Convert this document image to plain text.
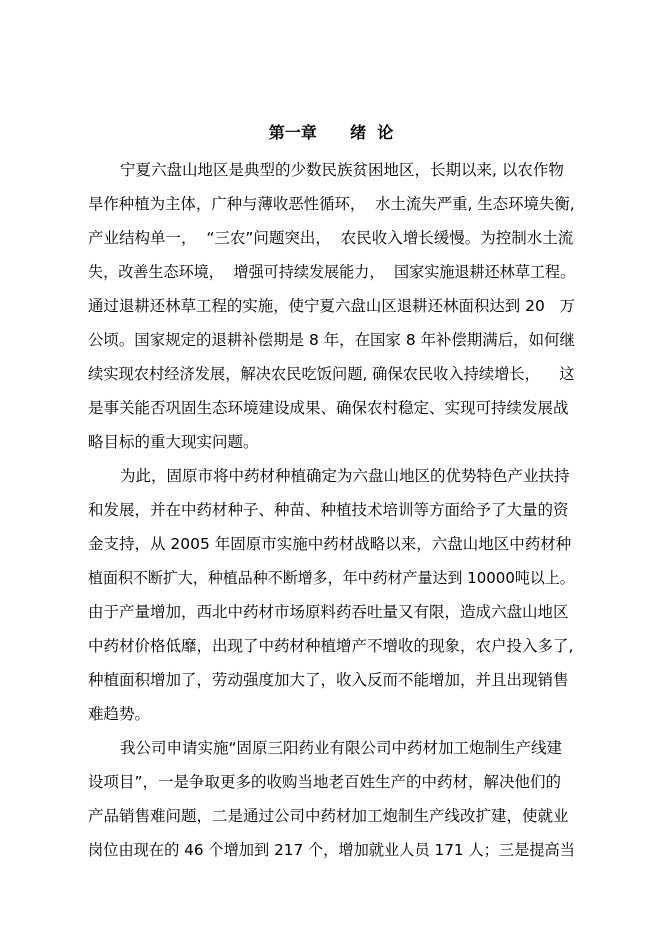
第一章      绪  论
宁夏六盘山地区是典型的少数民族贫困地区，长期以来, 以农作物
旱作种植为主体，广种与薄收恶性循环，  水土流失严重, 生态环境失衡,
产业结构单一，  “三农”问题突出，  农民收入增长缓慢。为控制水土流
失，改善生态环境，  增强可持续发展能力，  国家实施退耕还林草工程。
通过退耕还林草工程的实施，使宁夏六盘山区退耕还林面积达到 20   万
公顷。国家规定的退耕补偿期是 8 年，在国家 8 年补偿期满后，如何继
续实现农村经济发展，解决农民吃饭问题, 确保农民收入持续增长，    这
是事关能否巩固生态环境建设成果、确保农村稳定、实现可持续发展战
略目标的重大现实问题。
为此，固原市将中药材种植确定为六盘山地区的优势特色产业扶持
和发展，并在中药材种子、种苗、种植技术培训等方面给予了大量的资
金支持，从 2005 年固原市实施中药材战略以来，六盘山地区中药材种
植面积不断扩大，种植品种不断增多，年中药材产量达到 10000吨以上。
由于产量增加，西北中药材市场原料药吞吐量又有限，造成六盘山地区
中药材价格低靡，出现了中药材种植增产不增收的现象，农户投入多了,
种植面积增加了，劳动强度加大了，收入反而不能增加，并且出现销售
难趋势。
我公司申请实施“固原三阳药业有限公司中药材加工炮制生产线建
设项目”，一是争取更多的收购当地老百姓生产的中药材，解决他们的
产品销售难问题，二是通过公司中药材加工炮制生产线改扩建，使就业
岗位由现在的 46 个增加到 217 个，增加就业人员 171 人；三是提高当
